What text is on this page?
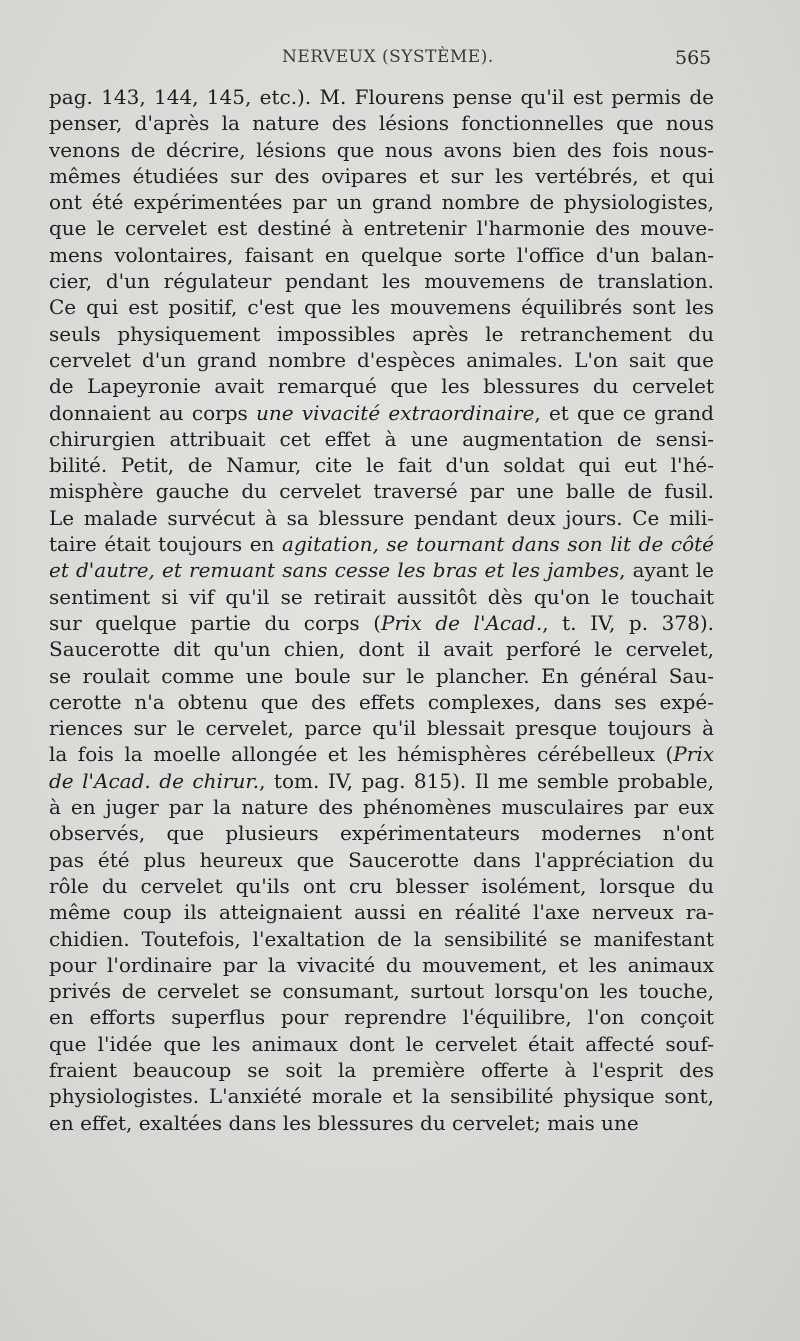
NERVEUX (SYSTÈME).	565
pag. 143, 144, 145, etc.). M. Flourens pense qu'il est permis de
penser, d'après la nature des lésions fonctionnelles que nous
venons de décrire, lésions que nous avons bien des fois nous-
mêmes étudiées sur des ovipares et sur les vertébrés, et qui
ont été expérimentées par un grand nombre de physiologistes,
que le cervelet est destiné à entretenir l'harmonie des mouve-
mens volontaires, faisant en quelque sorte l'office d'un balan-
cier, d'un régulateur pendant les mouvemens de translation.
Ce qui est positif, c'est que les mouvemens équilibrés sont les
seuls physiquement impossibles après le retranchement du
cervelet d'un grand nombre d'espèces animales. L'on sait que
de Lapeyronie avait remarqué que les blessures du cervelet
donnaient au corps une vivacité extraordinaire, et que ce grand
chirurgien attribuait cet effet à une augmentation de sensi-
bilité. Petit, de Namur, cite le fait d'un soldat qui eut l'hé-
misphère gauche du cervelet traversé par une balle de fusil.
Le malade survécut à sa blessure pendant deux jours. Ce mili-
taire était toujours en agitation, se tournant dans son lit de côté
et d'autre, et remuant sans cesse les bras et les jambes, ayant le
sentiment si vif qu'il se retirait aussitôt dès qu'on le touchait
sur quelque partie du corps (Prix de l'Acad., t. IV, p. 378).
Saucerotte dit qu'un chien, dont il avait perforé le cervelet,
se roulait comme une boule sur le plancher. En général Sau-
cerotte n'a obtenu que des effets complexes, dans ses expé-
riences sur le cervelet, parce qu'il blessait presque toujours à
la fois la moelle allongée et les hémisphères cérébelleux (Prix
de l'Acad. de chirur., tom. IV, pag. 815). Il me semble probable,
à en juger par la nature des phénomènes musculaires par eux
observés, que plusieurs expérimentateurs modernes n'ont
pas été plus heureux que Saucerotte dans l'appréciation du
rôle du cervelet qu'ils ont cru blesser isolément, lorsque du
même coup ils atteignaient aussi en réalité l'axe nerveux ra-
chidien. Toutefois, l'exaltation de la sensibilité se manifestant
pour l'ordinaire par la vivacité du mouvement, et les animaux
privés de cervelet se consumant, surtout lorsqu'on les touche,
en efforts superflus pour reprendre l'équilibre, l'on conçoit
que l'idée que les animaux dont le cervelet était affecté souf-
fraient beaucoup se soit la première offerte à l'esprit des
physiologistes. L'anxiété morale et la sensibilité physique sont,
en effet, exaltées dans les blessures du cervelet; mais une
